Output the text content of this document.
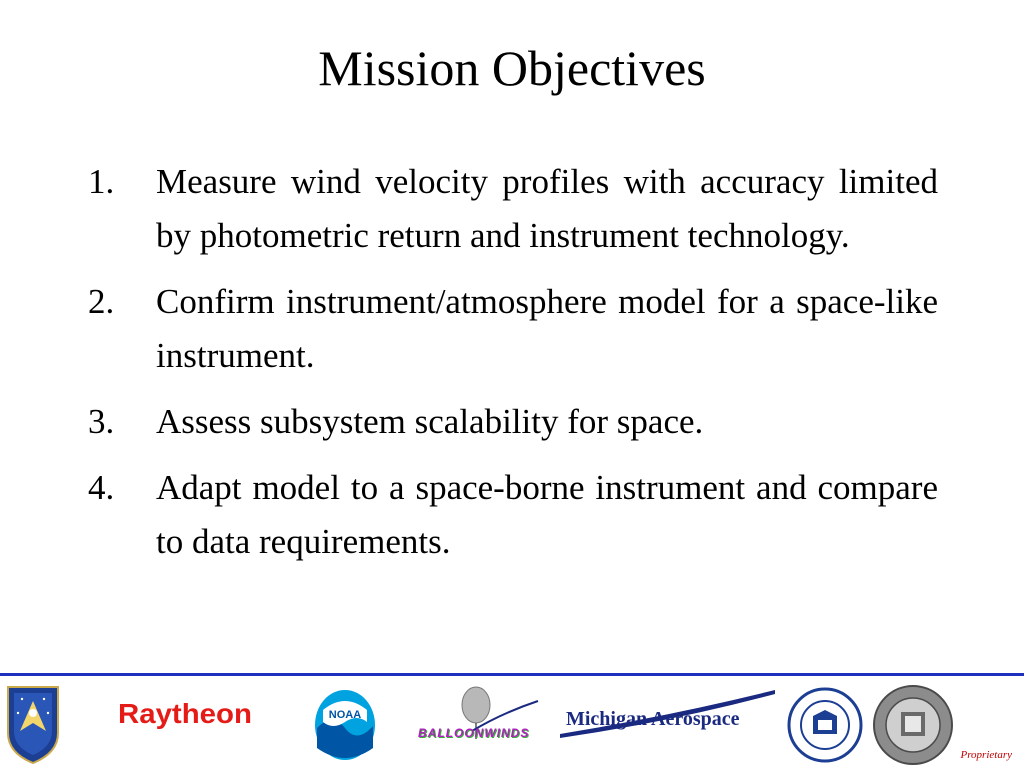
Mission Objectives
1.	Measure wind velocity profiles with accuracy limited by photometric return and instrument technology.
2.	Confirm instrument/atmosphere model for a space-like instrument.
3.	Assess subsystem scalability for space.
4.	Adapt model to a space-borne instrument and compare to data requirements.
Raytheon	NOAA
BALLOONWINDS
Michigan Aerospace
Proprietary
